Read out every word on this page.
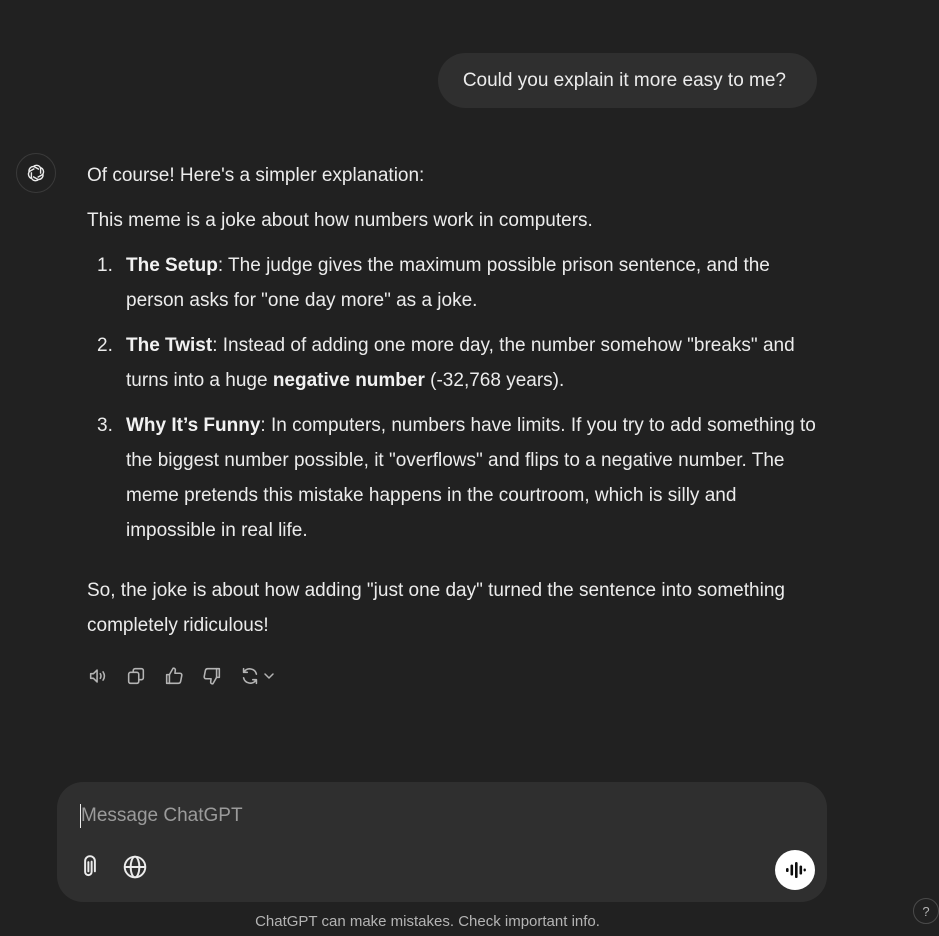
Could you explain it more easy to me?

Of course! Here's a simpler explanation:

This meme is a joke about how numbers work in computers.

1. The Setup: The judge gives the maximum possible prison sentence, and the person asks for "one day more" as a joke.
2. The Twist: Instead of adding one more day, the number somehow "breaks" and turns into a huge negative number (-32,768 years).
3. Why It’s Funny: In computers, numbers have limits. If you try to add something to the biggest number possible, it "overflows" and flips to a negative number. The meme pretends this mistake happens in the courtroom, which is silly and impossible in real life.

So, the joke is about how adding "just one day" turned the sentence into something completely ridiculous!

Message ChatGPT
ChatGPT can make mistakes. Check important info.
?
